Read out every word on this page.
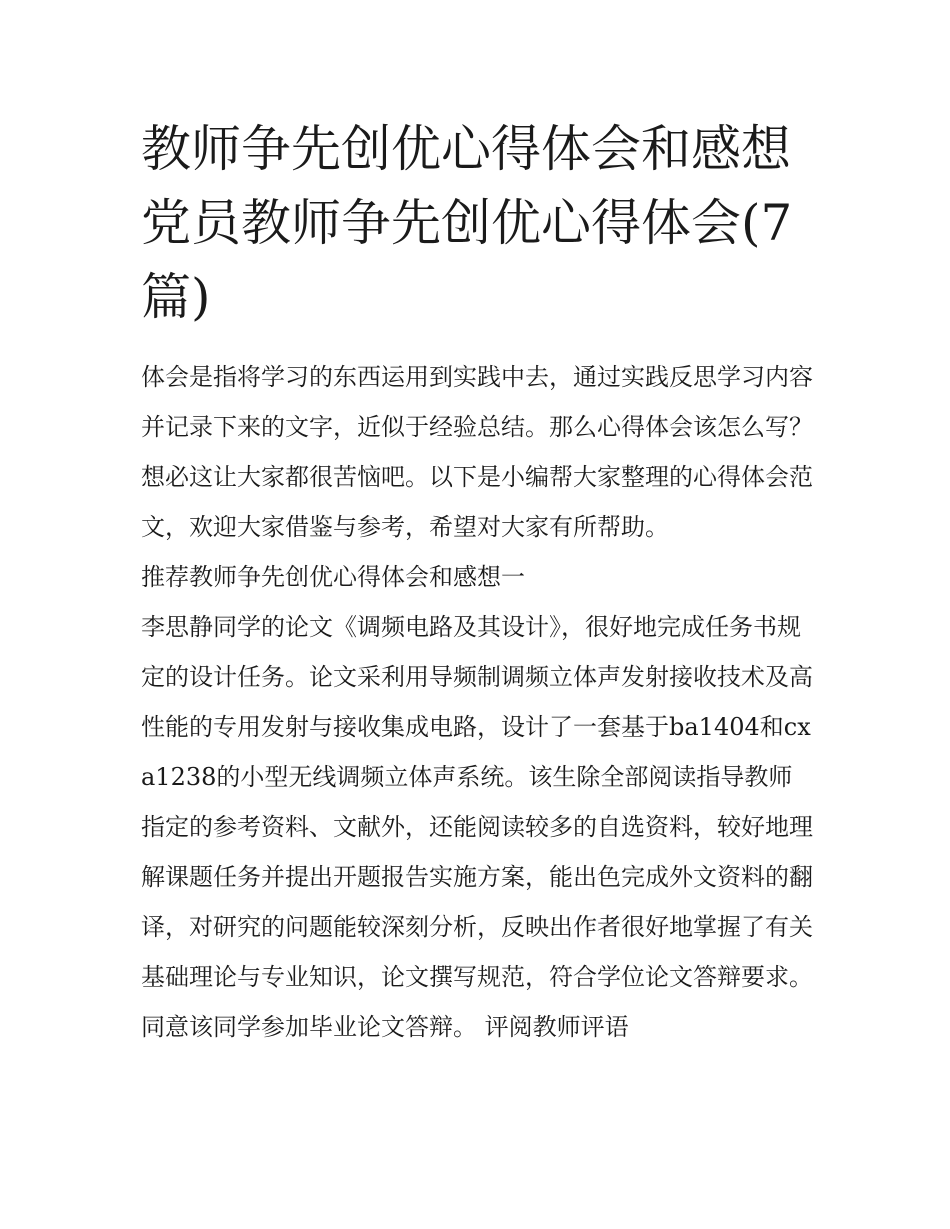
教师争先创优心得体会和感想党员教师争先创优心得体会(7篇)

体会是指将学习的东西运用到实践中去，通过实践反思学习内容并记录下来的文字，近似于经验总结。那么心得体会该怎么写？想必这让大家都很苦恼吧。以下是小编帮大家整理的心得体会范文，欢迎大家借鉴与参考，希望对大家有所帮助。

推荐教师争先创优心得体会和感想一

李思静同学的论文《调频电路及其设计》，很好地完成任务书规定的设计任务。论文采利用导频制调频立体声发射接收技术及高性能的专用发射与接收集成电路，设计了一套基于ba1404和cxa1238的小型无线调频立体声系统。该生除全部阅读指导教师指定的参考资料、文献外，还能阅读较多的自选资料，较好地理解课题任务并提出开题报告实施方案，能出色完成外文资料的翻译，对研究的问题能较深刻分析，反映出作者很好地掌握了有关基础理论与专业知识，论文撰写规范，符合学位论文答辩要求。

同意该同学参加毕业论文答辩。 评阅教师评语
